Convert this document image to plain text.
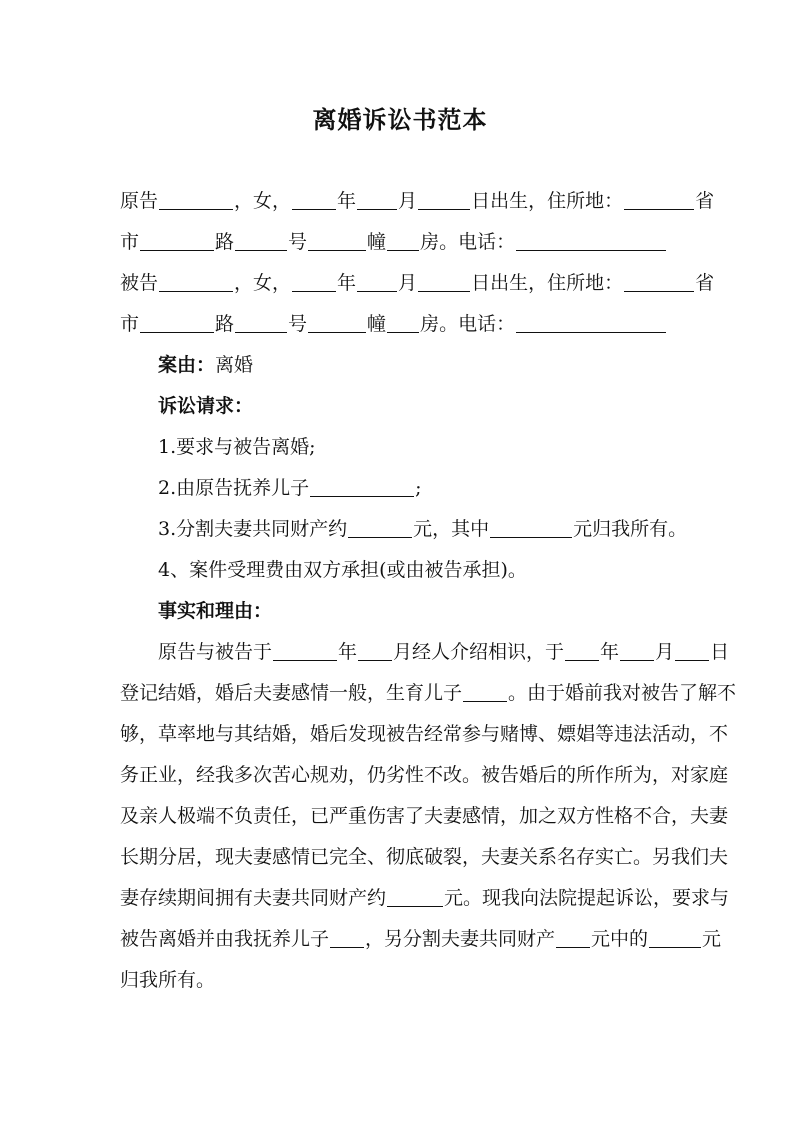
离婚诉讼书范本
原告	，女， 年 月	日出生，住所地：	省
市	路	号	幢 房。电话：
被告	，女， 年 月	日出生，住所地：	省
市	路	号	幢 房。电话：
案由：离婚
诉讼请求：
1.要求与被告离婚;
2.由原告抚养儿子	;
3.分割夫妻共同财产约	元，其中	元归我所有。
4、案件受理费由双方承担(或由被告承担)。
事实和理由：
原告与被告于	年 月经人介绍相识，于 年 月 日
登记结婚，婚后夫妻感情一般，生育儿子 。由于婚前我对被告了解不
够，草率地与其结婚，婚后发现被告经常参与赌博、嫖娼等违法活动，不
务正业，经我多次苦心规劝，仍劣性不改。被告婚后的所作所为，对家庭
及亲人极端不负责任，已严重伤害了夫妻感情，加之双方性格不合，夫妻
长期分居，现夫妻感情已完全、彻底破裂，夫妻关系名存实亡。另我们夫
妻存续期间拥有夫妻共同财产约	元。现我向法院提起诉讼，要求与
被告离婚并由我抚养儿子 ，另分割夫妻共同财产 元中的	元
归我所有。
